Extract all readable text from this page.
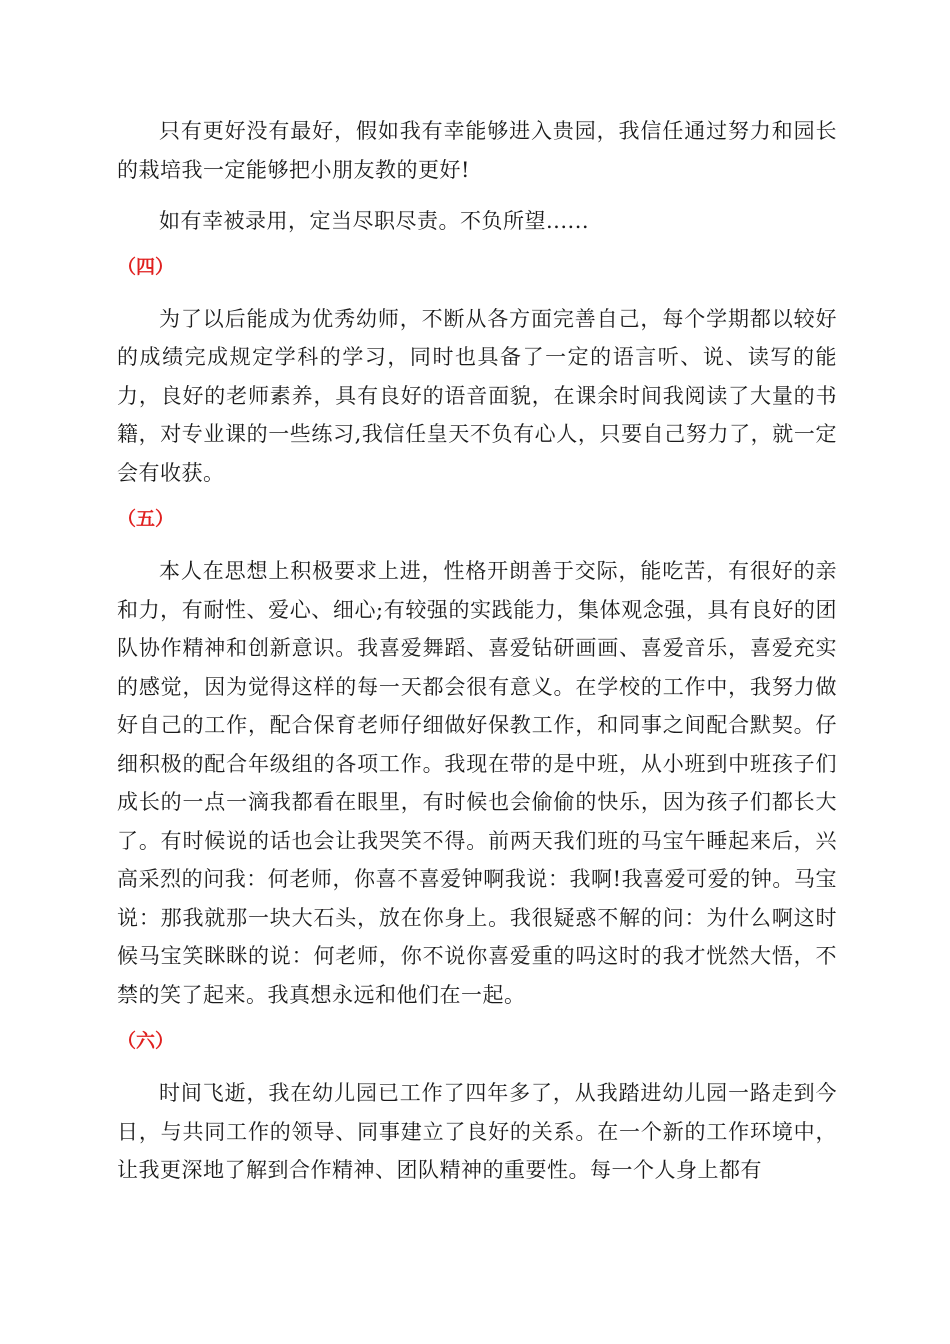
只有更好没有最好，假如我有幸能够进入贵园，我信任通过努力和园长的栽培我一定能够把小朋友教的更好!

如有幸被录用，定当尽职尽责。不负所望......

（四）

为了以后能成为优秀幼师，不断从各方面完善自己，每个学期都以较好的成绩完成规定学科的学习，同时也具备了一定的语言听、说、读写的能力，良好的老师素养，具有良好的语音面貌，在课余时间我阅读了大量的书籍，对专业课的一些练习,我信任皇天不负有心人，只要自己努力了，就一定会有收获。

（五）

本人在思想上积极要求上进，性格开朗善于交际，能吃苦，有很好的亲和力，有耐性、爱心、细心;有较强的实践能力，集体观念强，具有良好的团队协作精神和创新意识。我喜爱舞蹈、喜爱钻研画画、喜爱音乐，喜爱充实的感觉，因为觉得这样的每一天都会很有意义。在学校的工作中，我努力做好自己的工作，配合保育老师仔细做好保教工作，和同事之间配合默契。仔细积极的配合年级组的各项工作。我现在带的是中班，从小班到中班孩子们成长的一点一滴我都看在眼里，有时候也会偷偷的快乐，因为孩子们都长大了。有时候说的话也会让我哭笑不得。前两天我们班的马宝午睡起来后，兴高采烈的问我：何老师，你喜不喜爱钟啊我说：我啊!我喜爱可爱的钟。马宝说：那我就那一块大石头，放在你身上。我很疑惑不解的问：为什么啊这时候马宝笑眯眯的说：何老师，你不说你喜爱重的吗这时的我才恍然大悟，不禁的笑了起来。我真想永远和他们在一起。

（六）

时间飞逝，我在幼儿园已工作了四年多了，从我踏进幼儿园一路走到今日，与共同工作的领导、同事建立了良好的关系。在一个新的工作环境中，让我更深地了解到合作精神、团队精神的重要性。每一个人身上都有
